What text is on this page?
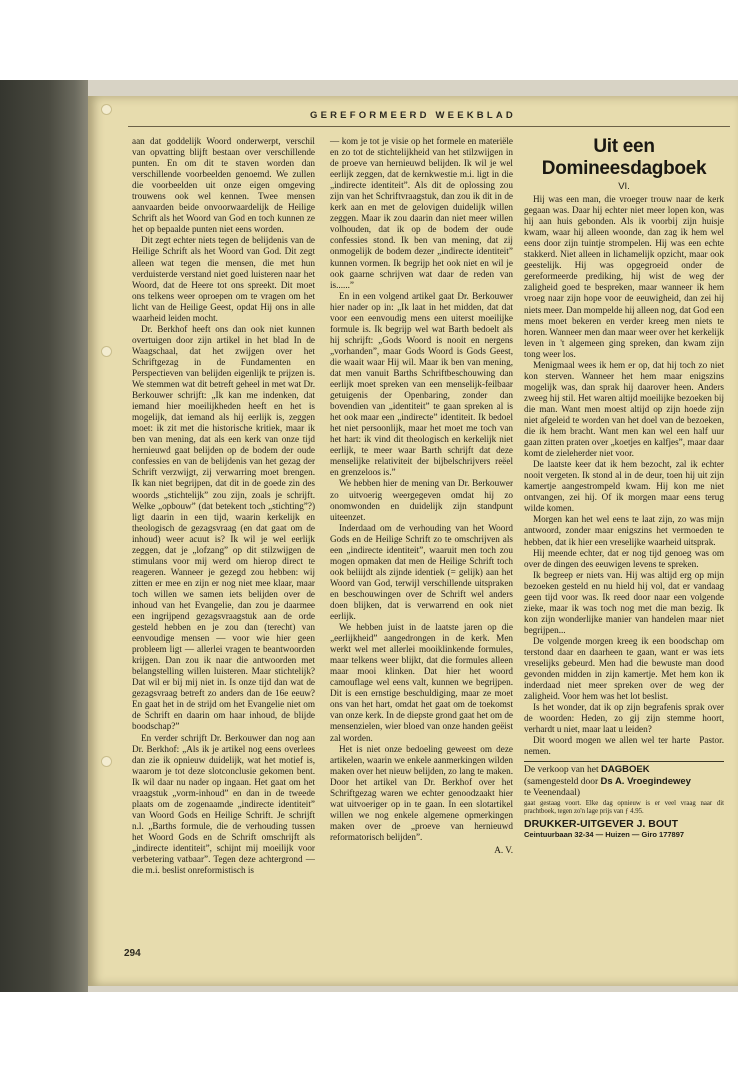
GEREFORMEERD WEEKBLAD

aan dat goddelijk Woord onderwerpt, verschil van opvatting blijft bestaan over verschillende punten. En om dit te staven worden dan verschillende voorbeelden genoemd. We zullen die voorbeelden uit onze eigen omgeving trouwens ook wel kennen. Twee mensen aanvaarden beide onvoorwaardelijk de Heilige Schrift als het Woord van God en toch kunnen ze het op bepaalde punten niet eens worden.

Dit zegt echter niets tegen de belijdenis van de Heilige Schrift als het Woord van God. Dit zegt alleen wat tegen die mensen, die met hun verduisterde verstand niet goed luisteren naar het Woord, dat de Heere tot ons spreekt. Dit moet ons telkens weer oproepen om te vragen om het licht van de Heilige Geest, opdat Hij ons in alle waarheid leiden mocht.

Dr. Berkhof heeft ons dan ook niet kunnen overtuigen door zijn artikel in het blad In de Waagschaal, dat het zwijgen over het Schriftgezag in de Fundamenten en Perspectieven van belijden eigenlijk te prijzen is. We stemmen wat dit betreft geheel in met wat Dr. Berkouwer schrijft: „Ik kan me indenken, dat iemand hier moeilijkheden heeft en het is mogelijk, dat iemand als hij eerlijk is, zeggen moet: ik zit met die historische kritiek, maar ik ben van mening, dat als een kerk van onze tijd hernieuwd gaat belijden op de bodem der oude confessies en van de belijdenis van het gezag der Schrift verzwijgt, zij verwarring moet brengen. Ik kan niet begrijpen, dat dit in de goede zin des woords „stichtelijk” zou zijn, zoals je schrijft. Welke „opbouw” (dat betekent toch „stichting”?) ligt daarin in een tijd, waarin kerkelijk en theologisch de gezagsvraag (en dat gaat om de inhoud) weer acuut is? Ik wil je wel eerlijk zeggen, dat je „lofzang” op dit stilzwijgen de stimulans voor mij werd om hierop direct te reageren. Wanneer je gezegd zou hebben: wij zitten er mee en zijn er nog niet mee klaar, maar toch willen we samen iets belijden over de inhoud van het Evangelie, dan zou je daarmee een ingrijpend gezagsvraagstuk aan de orde gesteld hebben en je zou dan (terecht) van eenvoudige mensen — voor wie hier geen probleem ligt — allerlei vragen te beantwoorden krijgen. Dan zou ik naar die antwoorden met belangstelling willen luisteren. Maar stichtelijk? Dat wil er bij mij niet in. Is onze tijd dan wat de gezagsvraag betreft zo anders dan de 16e eeuw? En gaat het in de strijd om het Evangelie niet om de Schrift en daarin om haar inhoud, de blijde boodschap?”

En verder schrijft Dr. Berkouwer dan nog aan Dr. Berkhof: „Als ik je artikel nog eens overlees dan zie ik opnieuw duidelijk, wat het motief is, waarom je tot deze slotconclusie gekomen bent. Ik wil daar nu nader op ingaan. Het gaat om het vraagstuk „vorm-inhoud” en dan in de tweede plaats om de zogenaamde „indirecte identiteit” van Woord Gods en Heilige Schrift. Je schrijft n.l. „Barths formule, die de verhouding tussen het Woord Gods en de Schrift omschrijft als „indirecte identiteit”, schijnt mij moeilijk voor verbetering vatbaar”. Tegen deze achtergrond — die m.i. beslist onreformistisch is

— kom je tot je visie op het formele en materiële en zo tot de stichtelijkheid van het stilzwijgen in de proeve van hernieuwd belijden. Ik wil je wel eerlijk zeggen, dat de kernkwestie m.i. ligt in die „indirecte identiteit”. Als dit de oplossing zou zijn van het Schriftvraagstuk, dan zou ik dit in de kerk aan en met de gelovigen duidelijk willen zeggen. Maar ik zou daarin dan niet meer willen volhouden, dat ik op de bodem der oude confessies stond. Ik ben van mening, dat zij onmogelijk de bodem dezer „indirecte identiteit” kunnen vormen. Ik begrijp het ook niet en wil je ook gaarne schrijven wat daar de reden van is......”

En in een volgend artikel gaat Dr. Berkouwer hier nader op in: „Ik laat in het midden, dat dat voor een eenvoudig mens een uiterst moeilijke formule is. Ik begrijp wel wat Barth bedoelt als hij schrijft: „Gods Woord is nooit en nergens „vorhanden”, maar Gods Woord is Gods Geest, die waait waar Hij wil. Maar ik ben van mening, dat men vanuit Barths Schriftbeschouwing dan eerlijk moet spreken van een menselijk-feilbaar getuigenis der Openbaring, zonder dan bovendien van „identiteit” te gaan spreken al is het ook maar een „indirecte” identiteit. Ik bedoel het niet persoonlijk, maar het moet me toch van het hart: ik vind dit theologisch en kerkelijk niet eerlijk, te meer waar Barth schrijft dat deze menselijke relativiteit der bijbelschrijvers reëel en grenzeloos is.”

We hebben hier de mening van Dr. Berkouwer zo uitvoerig weergegeven omdat hij zo onomwonden en duidelijk zijn standpunt uiteenzet.

Inderdaad om de verhouding van het Woord Gods en de Heilige Schrift zo te omschrijven als een „indirecte identiteit”, waaruit men toch zou mogen opmaken dat men de Heilige Schrift toch ook beliijdt als zijnde identiek (= gelijk) aan het Woord van God, terwijl verschillende uitspraken en beschouwingen over de Schrift wel anders doen blijken, dat is verwarrend en ook niet eerlijk.

We hebben juist in de laatste jaren op die „eerlijkheid” aangedrongen in de kerk. Men werkt wel met allerlei mooiklinkende formules, maar telkens weer blijkt, dat die formules alleen maar mooi klinken. Dat hier het woord camouflage wel eens valt, kunnen we begrijpen. Dit is een ernstige beschuldiging, maar ze moet ons van het hart, omdat het gaat om de toekomst van onze kerk. In de diepste grond gaat het om de mensenzielen, wier bloed van onze handen geëist zal worden.

Het is niet onze bedoeling geweest om deze artikelen, waarin we enkele aanmerkingen wilden maken over het nieuw belijden, zo lang te maken. Door het artikel van Dr. Berkhof over het Schriftgezag waren we echter genoodzaakt hier wat uitvoeriger op in te gaan. In een slotartikel willen we nog enkele algemene opmerkingen maken over de „proeve van hernieuwd reformatorisch belijden”.

A. V.
Uit een Domineesdagboek
VI.

Hij was een man, die vroeger trouw naar de kerk gegaan was. Daar hij echter niet meer lopen kon, was hij aan huis gebonden. Als ik voorbij zijn huisje kwam, waar hij alleen woonde, dan zag ik hem wel eens door zijn tuintje strompelen. Hij was een echte stakkerd. Niet alleen in lichamelijk opzicht, maar ook geestelijk. Hij was opgegroeid onder de gereformeerde prediking, hij wist de weg der zaligheid goed te bespreken, maar wanneer ik hem vroeg naar zijn hope voor de eeuwigheid, dan zei hij niets meer. Dan mompelde hij alleen nog, dat God een mens moet bekeren en verder kreeg men niets te horen. Wanneer men dan maar weer over het kerkelijk leven in 't algemeen ging spreken, dan kwam zijn tong weer los.

Menigmaal wees ik hem er op, dat hij toch zo niet kon sterven. Wanneer het hem maar enigszins mogelijk was, dan sprak hij daarover heen. Anders zweeg hij stil. Het waren altijd moeilijke bezoeken bij die man. Want men moest altijd op zijn hoede zijn niet afgeleid te worden van het doel van de bezoeken, die ik hem bracht. Want men kan wel een half uur gaan zitten praten over „koetjes en kalfjes”, maar daar komt de zieleherder niet voor.

De laatste keer dat ik hem bezocht, zal ik echter nooit vergeten. Ik stond al in de deur, toen hij uit zijn kamertje aangestrompeld kwam. Hij kon me niet ontvangen, zei hij. Of ik morgen maar eens terug wilde komen.

Morgen kan het wel eens te laat zijn, zo was mijn antwoord, zonder maar enigszins het vermoeden te hebben, dat ik hier een vreselijke waarheid uitsprak.

Hij meende echter, dat er nog tijd genoeg was om over de dingen des eeuwigen levens te spreken.

Ik begreep er niets van. Hij was altijd erg op mijn bezoeken gesteld en nu hield hij vol, dat er vandaag geen tijd voor was. Ik reed door naar een volgende zieke, maar ik was toch nog met die man bezig. Ik kon zijn wonderlijke manier van handelen maar niet begrijpen...

De volgende morgen kreeg ik een boodschap om terstond daar en daarheen te gaan, want er was iets vreselijks gebeurd. Men had die bewuste man dood gevonden midden in zijn kamertje. Met hem kon ik inderdaad niet meer spreken over de weg der zaligheid. Voor hem was het lot beslist.

Is het wonder, dat ik op zijn begrafenis sprak over de woorden: Heden, zo gij zijn stemme hoort, verhardt u niet, maar laat u leiden?

Dit woord mogen we allen wel ter harte nemen.
Pastor.

De verkoop van het DAGBOEK
(samengesteld door Ds A. Vroegindewey
te Veenendaal)
gaat gestaag voort. Elke dag opnieuw is er veel vraag naar dit prachtboek, tegen zo'n lage prijs van ƒ 4.95.
DRUKKER-UITGEVER J. BOUT
Ceintuurbaan 32-34 — Huizen — Giro 177897
294
